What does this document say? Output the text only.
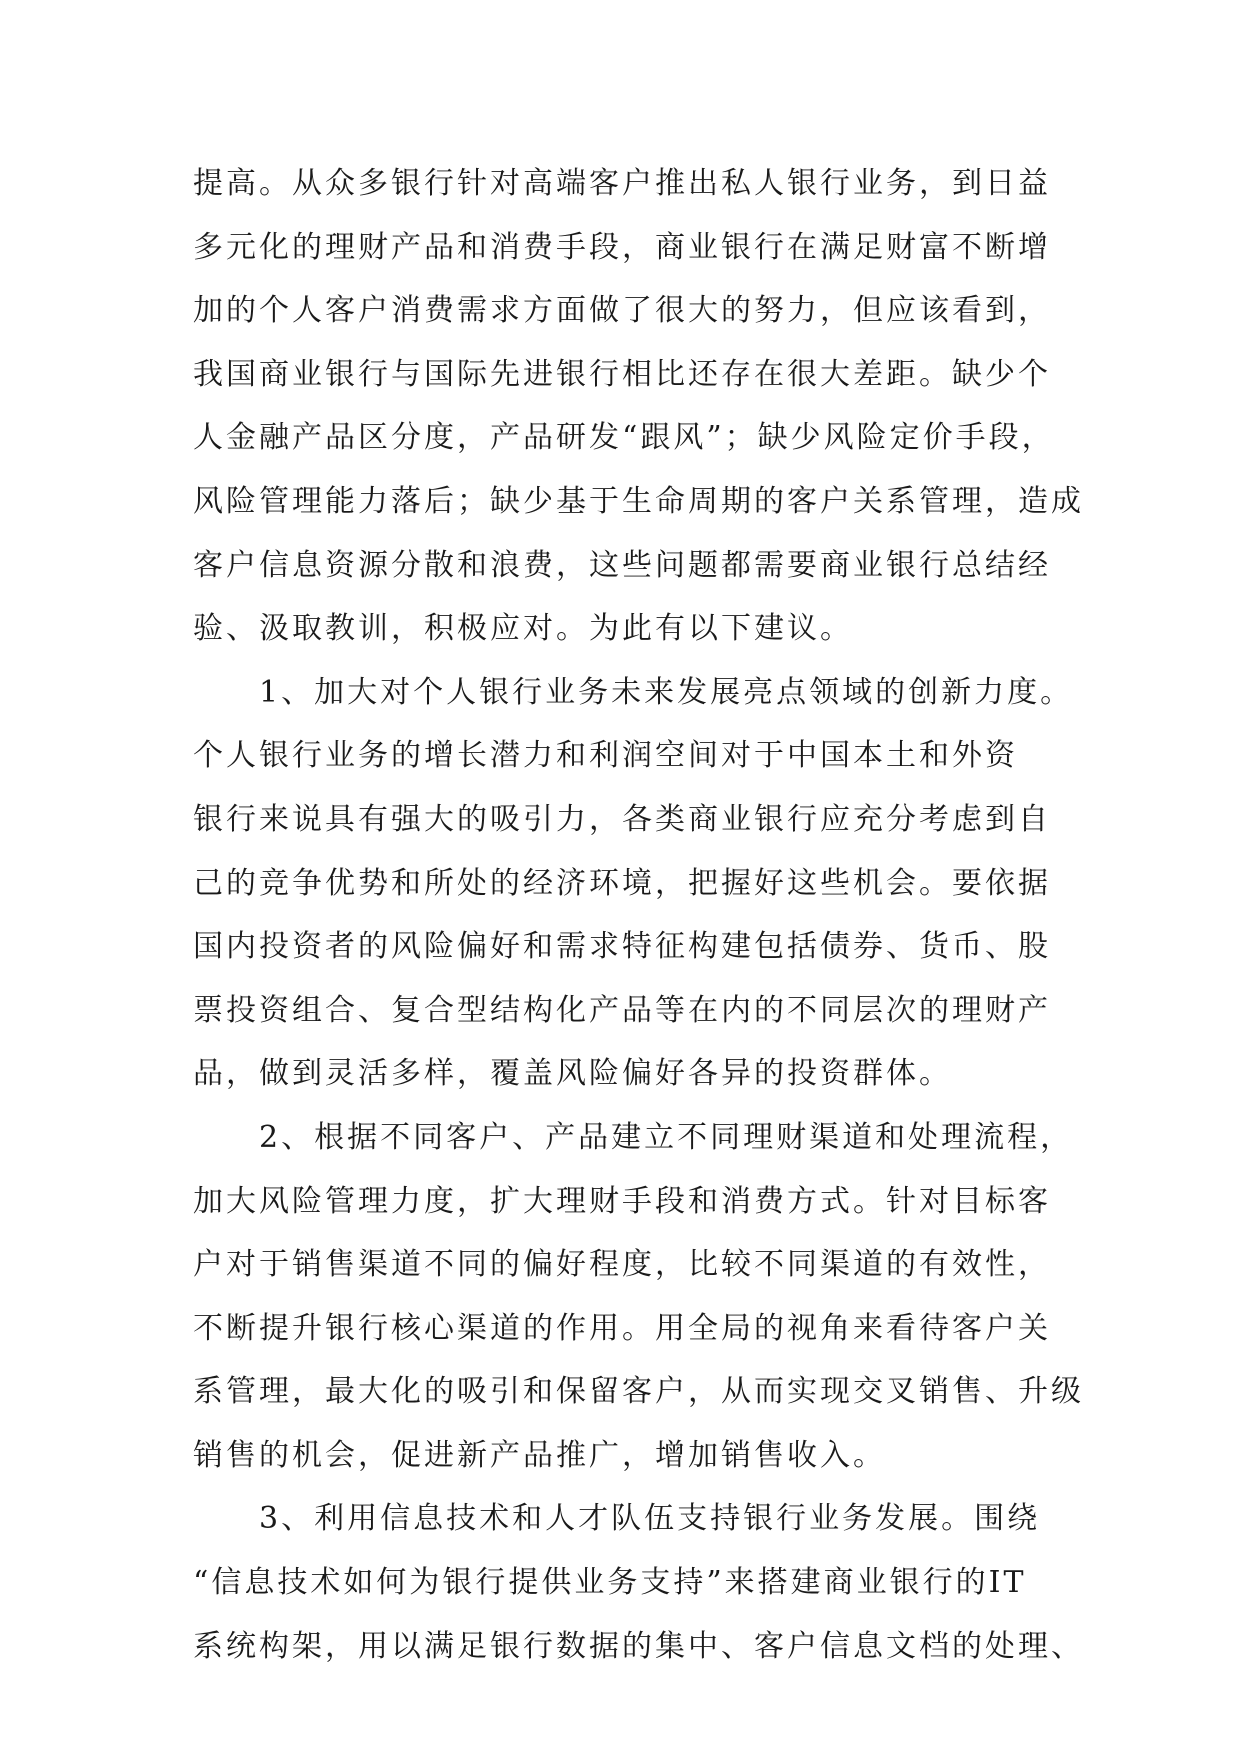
提高。从众多银行针对高端客户推出私人银行业务，到日益
多元化的理财产品和消费手段，商业银行在满足财富不断增
加的个人客户消费需求方面做了很大的努力，但应该看到，
我国商业银行与国际先进银行相比还存在很大差距。缺少个
人金融产品区分度，产品研发“跟风”；缺少风险定价手段，
风险管理能力落后；缺少基于生命周期的客户关系管理，造成
客户信息资源分散和浪费，这些问题都需要商业银行总结经
验、汲取教训，积极应对。为此有以下建议。
　　1、加大对个人银行业务未来发展亮点领域的创新力度。
个人银行业务的增长潜力和利润空间对于中国本土和外资
银行来说具有强大的吸引力，各类商业银行应充分考虑到自
己的竞争优势和所处的经济环境，把握好这些机会。要依据
国内投资者的风险偏好和需求特征构建包括债券、货币、股
票投资组合、复合型结构化产品等在内的不同层次的理财产
品，做到灵活多样，覆盖风险偏好各异的投资群体。
　　2、根据不同客户、产品建立不同理财渠道和处理流程，
加大风险管理力度，扩大理财手段和消费方式。针对目标客
户对于销售渠道不同的偏好程度，比较不同渠道的有效性，
不断提升银行核心渠道的作用。用全局的视角来看待客户关
系管理，最大化的吸引和保留客户，从而实现交叉销售、升级
销售的机会，促进新产品推广，增加销售收入。
　　3、利用信息技术和人才队伍支持银行业务发展。围绕
“信息技术如何为银行提供业务支持”来搭建商业银行的IT
系统构架，用以满足银行数据的集中、客户信息文档的处理、
